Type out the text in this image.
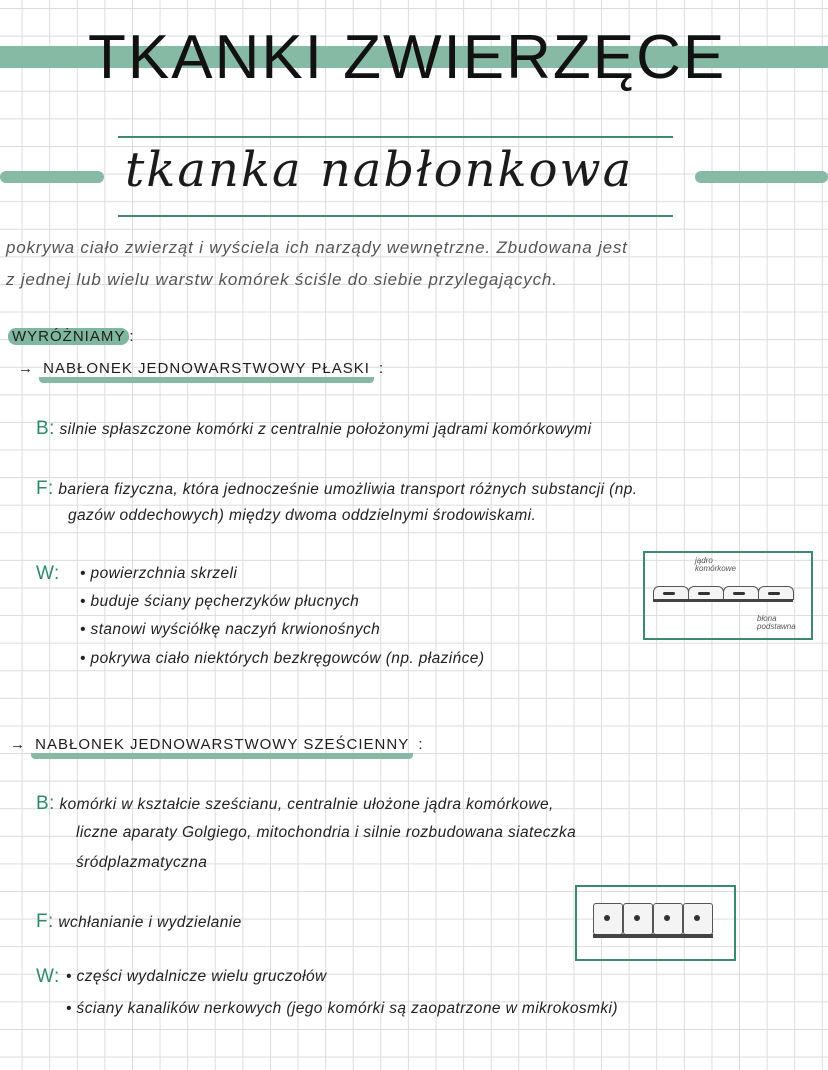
TKANKI ZWIERZĘCE
tkanka nabłonkowa
pokrywa ciało zwierząt i wyściela ich narządy wewnętrzne. Zbudowana jest
z jednej lub wielu warstw komórek ściśle do siebie przylegających.
WYRÓŻNIAMY :
→ NABŁONEK JEDNOWARSTWOWY PŁASKI :
B: silnie spłaszczone komórki z centralnie położonymi jądrami komórkowymi
F: bariera fizyczna, która jednocześnie umożliwia transport różnych substancji (np.
gazów oddechowych) między dwoma oddzielnymi środowiskami.
W: • powierzchnia skrzeli
• buduje ściany pęcherzyków płucnych
• stanowi wyściółkę naczyń krwionośnych
• pokrywa ciało niektórych bezkręgowców (np. płazińce)
jądro komórkowe
błona podstawna
→ NABŁONEK JEDNOWARSTWOWY SZEŚCIENNY :
B: komórki w kształcie sześcianu, centralnie ułożone jądra komórkowe,
liczne aparaty Golgiego, mitochondria i silnie rozbudowana siateczka
śródplazmatyczna
F: wchłanianie i wydzielanie
W: • części wydalnicze wielu gruczołów
• ściany kanalików nerkowych (jego komórki są zaopatrzone w mikrokosmki)
